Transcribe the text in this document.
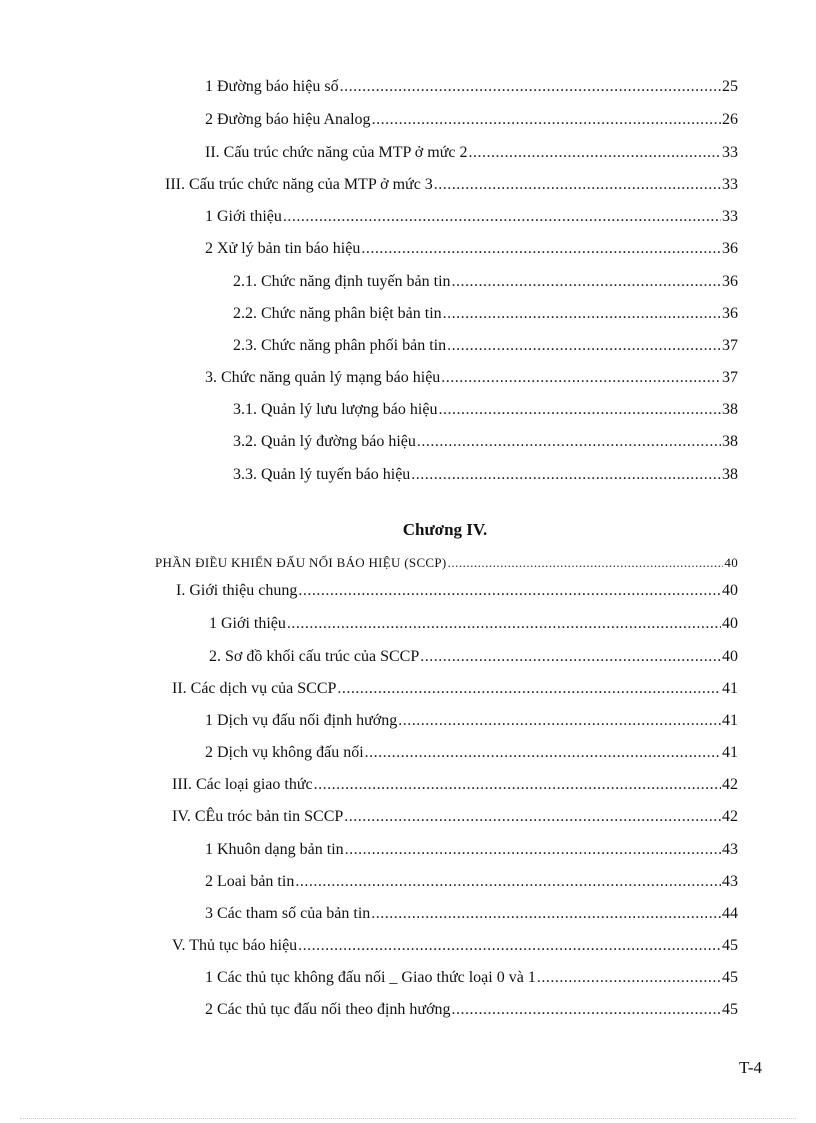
1 Đường báo hiệu số .....	25
2 Đường báo hiệu Analog .....	26
II. Cấu trúc chức năng của MTP ở mức 2 .....	33
III. Cấu trúc chức năng của MTP ở mức 3 .....	33
1 Giới thiệu .....	33
2 Xử lý bản tin báo hiệu .....	36
2.1. Chức năng định tuyến bản tin .....	36
2.2. Chức năng phân biệt bản tin .....	36
2.3. Chức năng phân phối bản tin .....	37
3. Chức năng quản lý mạng báo hiệu .....	37
3.1. Quản lý lưu lượng báo hiệu .....	38
3.2. Quản lý đường báo hiệu .....	38
3.3. Quản lý tuyến báo hiệu .....	38
Chương IV.
PHẦN ĐIỀU KHIỂN ĐẤU NỐI BÁO HIỆU (SCCP) .....	40
I. Giới thiệu chung .....	40
1 Giới thiệu .....	40
2. Sơ đồ khối cấu trúc của SCCP .....	40
II. Các dịch vụ của SCCP .....	41
1 Dịch vụ đấu nối định hướng .....	41
2 Dịch vụ không đấu nối .....	41
III. Các loại giao thức .....	42
IV. CÊu tróc bản tin SCCP .....	42
1 Khuôn dạng bản tin .....	43
2 Loai bản tin .....	43
3 Các tham số của bản tin .....	44
V. Thủ tục báo hiệu .....	45
1 Các thủ tục không đấu nối _ Giao thức loại 0 và 1 .....	45
2 Các thủ tục đấu nối theo định hướng .....	45
T-4
